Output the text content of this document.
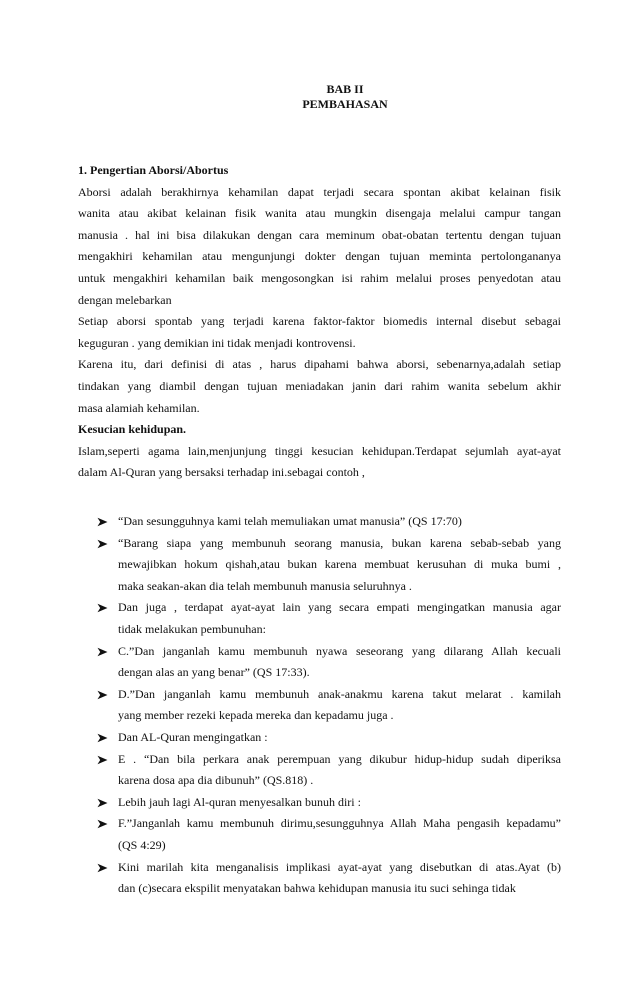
BAB II
PEMBAHASAN
1. Pengertian Aborsi/Abortus
Aborsi adalah berakhirnya kehamilan dapat terjadi secara spontan akibat kelainan fisik
wanita atau akibat kelainan fisik wanita atau mungkin disengaja melalui campur tangan
manusia . hal ini bisa dilakukan dengan cara meminum obat-obatan tertentu dengan tujuan
mengakhiri kehamilan atau mengunjungi dokter dengan tujuan meminta pertolongananya
untuk mengakhiri kehamilan baik mengosongkan isi rahim melalui proses penyedotan atau
dengan melebarkan
Setiap aborsi spontab yang terjadi karena faktor-faktor biomedis internal disebut sebagai
keguguran . yang demikian ini tidak menjadi kontrovensi.
Karena itu, dari definisi di atas , harus dipahami bahwa aborsi, sebenarnya,adalah setiap
tindakan yang diambil dengan tujuan meniadakan janin dari rahim wanita sebelum akhir
masa alamiah kehamilan.
Kesucian kehidupan.
Islam,seperti agama lain,menjunjung tinggi kesucian kehidupan.Terdapat sejumlah ayat-ayat
dalam Al-Quran yang bersaksi terhadap ini.sebagai contoh ,
“Dan sesungguhnya kami telah memuliakan umat manusia” (QS 17:70)
“Barang siapa yang membunuh seorang manusia, bukan karena sebab-sebab yang
mewajibkan hokum qishah,atau bukan karena membuat kerusuhan di muka bumi ,
maka seakan-akan dia telah membunuh manusia seluruhnya .
Dan juga , terdapat ayat-ayat lain yang secara empati mengingatkan manusia agar
tidak melakukan pembunuhan:
C.”Dan janganlah kamu membunuh nyawa seseorang yang dilarang Allah kecuali
dengan alas an yang benar” (QS 17:33).
D.”Dan janganlah kamu membunuh anak-anakmu karena takut melarat . kamilah
yang member rezeki kepada mereka dan kepadamu juga .
Dan AL-Quran mengingatkan :
E . “Dan bila perkara anak perempuan yang dikubur hidup-hidup sudah diperiksa
karena dosa apa dia dibunuh” (QS.818) .
Lebih jauh lagi Al-quran menyesalkan bunuh diri :
F.”Janganlah kamu membunuh dirimu,sesungguhnya Allah Maha pengasih kepadamu”
(QS 4:29)
Kini marilah kita menganalisis implikasi ayat-ayat yang disebutkan di atas.Ayat (b)
dan (c)secara ekspilit menyatakan bahwa kehidupan manusia itu suci sehinga tidak
